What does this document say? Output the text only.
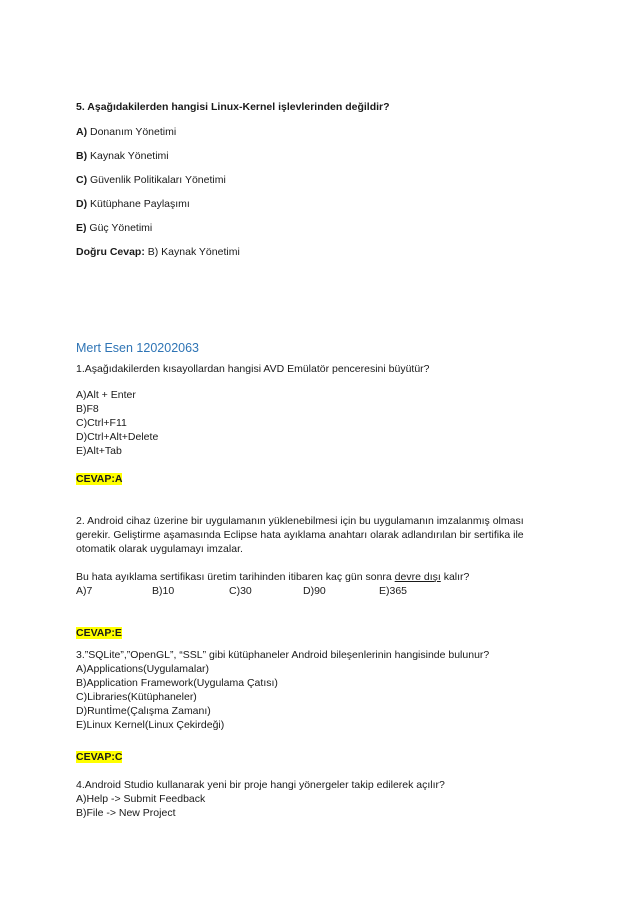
5. Aşağıdakilerden hangisi Linux-Kernel işlevlerinden değildir?
A) Donanım Yönetimi
B) Kaynak Yönetimi
C) Güvenlik Politikaları Yönetimi
D) Kütüphane Paylaşımı
E) Güç Yönetimi
Doğru Cevap: B) Kaynak Yönetimi
Mert Esen 120202063
1.Aşağıdakilerden kısayollardan hangisi AVD Emülatör penceresini büyütür?
A)Alt + Enter
B)F8
C)Ctrl+F11
D)Ctrl+Alt+Delete
E)Alt+Tab
CEVAP:A
2. Android cihaz üzerine bir uygulamanın yüklenebilmesi için bu uygulamanın imzalanmış olması
gerekir. Geliştirme aşamasında Eclipse hata ayıklama anahtarı olarak adlandırılan bir sertifika ile
otomatik olarak uygulamayı imzalar.
Bu hata ayıklama sertifikası üretim tarihinden itibaren kaç gün sonra devre dışı kalır?
A)7	B)10	C)30	D)90	E)365
CEVAP:E
3.”SQLite”,”OpenGL”, “SSL” gibi kütüphaneler Android bileşenlerinin hangisinde bulunur?
A)Applications(Uygulamalar)
B)Application Framework(Uygulama Çatısı)
C)Libraries(Kütüphaneler)
D)Runtİme(Çalışma Zamanı)
E)Linux Kernel(Linux Çekirdeği)
CEVAP:C
4.Android Studio kullanarak yeni bir proje hangi yönergeler takip edilerek açılır?
A)Help -> Submit Feedback
B)File -> New Project
